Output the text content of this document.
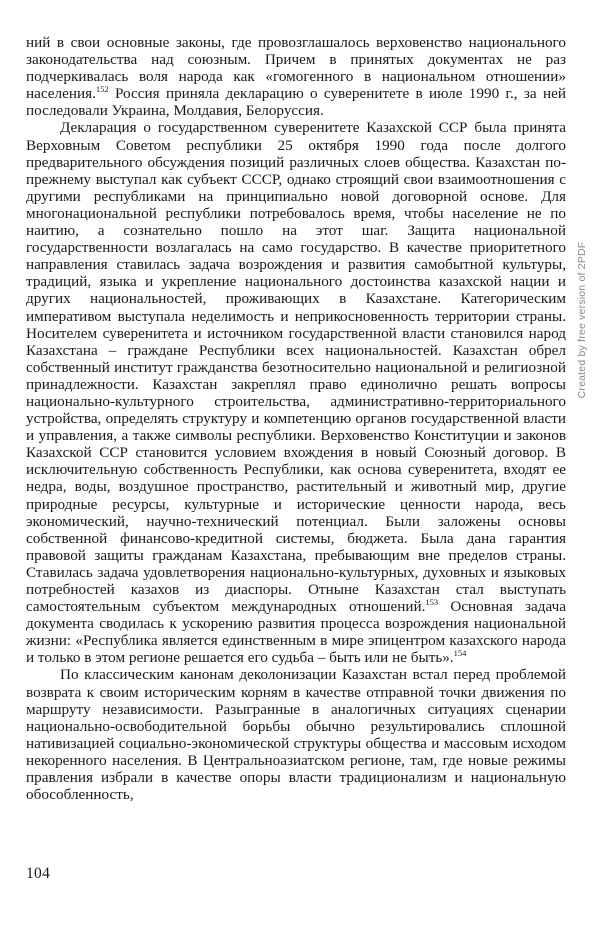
ний в свои основные законы, где провозглашалось верховенство национального законодательства над союзным. Причем в принятых документах не раз подчеркивалась воля народа как «гомогенного в национальном отношении» населения.$^{152}$ Россия приняла декларацию о суверенитете в июле 1990 г., за ней последовали Украина, Молдавия, Белоруссия.

Декларация о государственном суверенитете Казахской ССР была принята Верховным Советом республики 25 октября 1990 года после долгого предварительного обсуждения позиций различных слоев общества. Казахстан по-прежнему выступал как субъект СССР, однако строящий свои взаимоотношения с другими республиками на принципиально новой договорной основе. Для многонациональной республики потребовалось время, чтобы население не по наитию, а сознательно пошло на этот шаг. Защита национальной государственности возлагалась на само государство. В качестве приоритетного направления ставилась задача возрождения и развития самобытной культуры, традиций, языка и укрепление национального достоинства казахской нации и других национальностей, проживающих в Казахстане. Категорическим императивом выступала неделимость и неприкосновенность территории страны. Носителем суверенитета и источником государственной власти становился народ Казахстана – граждане Республики всех национальностей. Казахстан обрел собственный институт гражданства безотносительно национальной и религиозной принадлежности. Казахстан закреплял право единолично решать вопросы национально-культурного строительства, административно-территориального устройства, определять структуру и компетенцию органов государственной власти и управления, а также символы республики. Верховенство Конституции и законов Казахской ССР становится условием вхождения в новый Союзный договор. В исключительную собственность Республики, как основа суверенитета, входят ее недра, воды, воздушное пространство, растительный и животный мир, другие природные ресурсы, культурные и исторические ценности народа, весь экономический, научно-технический потенциал. Были заложены основы собственной финансово-кредитной системы, бюджета. Была дана гарантия правовой защиты гражданам Казахстана, пребывающим вне пределов страны. Ставилась задача удовлетворения национально-культурных, духовных и языковых потребностей казахов из диаспоры. Отныне Казахстан стал выступать самостоятельным субъектом международных отношений.$^{153}$ Основная задача документа сводилась к ускорению развития процесса возрождения национальной жизни: «Республика является единственным в мире эпицентром казахского народа и только в этом регионе решается его судьба – быть или не быть».$^{154}$

По классическим канонам деколонизации Казахстан встал перед проблемой возврата к своим историческим корням в качестве отправной точки движения по маршруту независимости. Разыгранные в аналогичных ситуациях сценарии национально-освободительной борьбы обычно результировались сплошной нативизацией социально-экономической структуры общества и массовым исходом некоренного населения. В Центральноазиатском регионе, там, где новые режимы правления избрали в качестве опоры власти традиционализм и национальную обособленность,

104
Created by free version of 2PDF
